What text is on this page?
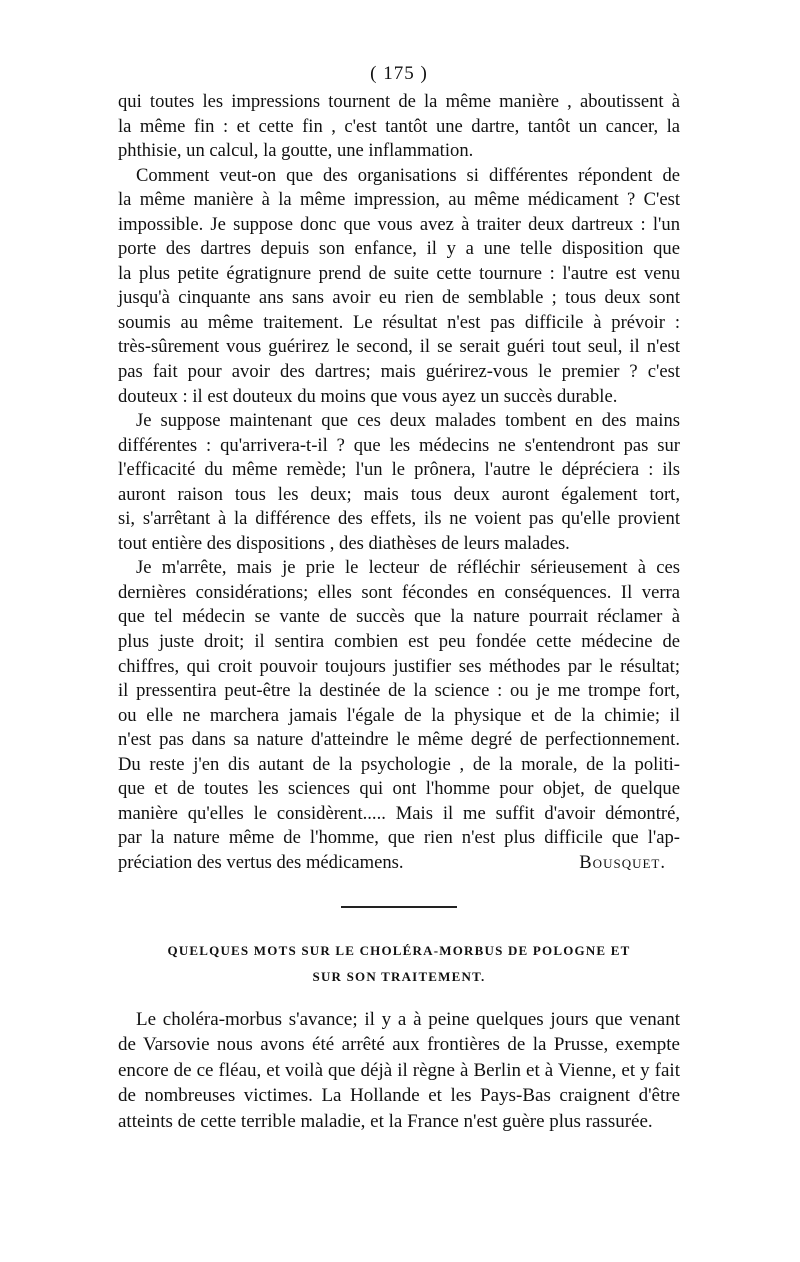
( 175 )

qui toutes les impressions tournent de la même manière , aboutissent à
la même fin : et cette fin , c'est tantôt une dartre, tantôt un cancer, la
phthisie, un calcul, la goutte, une inflammation.

Comment veut-on que des organisations si différentes répondent de
la même manière à la même impression, au même médicament ? C'est
impossible. Je suppose donc que vous avez à traiter deux dartreux : l'un
porte des dartres depuis son enfance, il y a une telle disposition que
la plus petite égratignure prend de suite cette tournure : l'autre est venu
jusqu'à cinquante ans sans avoir eu rien de semblable ; tous deux sont
soumis au même traitement. Le résultat n'est pas difficile à prévoir :
très-sûrement vous guérirez le second, il se serait guéri tout seul, il n'est
pas fait pour avoir des dartres; mais guérirez-vous le premier ? c'est
douteux : il est douteux du moins que vous ayez un succès durable.

Je suppose maintenant que ces deux malades tombent en des mains
différentes : qu'arrivera-t-il ? que les médecins ne s'entendront pas sur
l'efficacité du même remède; l'un le prônera, l'autre le dépréciera : ils
auront raison tous les deux; mais tous deux auront également tort,
si, s'arrêtant à la différence des effets, ils ne voient pas qu'elle provient
tout entière des dispositions , des diathèses de leurs malades.

Je m'arrête, mais je prie le lecteur de réfléchir sérieusement à ces
dernières considérations; elles sont fécondes en conséquences. Il verra
que tel médecin se vante de succès que la nature pourrait réclamer à
plus juste droit; il sentira combien est peu fondée cette médecine de
chiffres, qui croit pouvoir toujours justifier ses méthodes par le résultat;
il pressentira peut-être la destinée de la science : ou je me trompe fort,
ou elle ne marchera jamais l'égale de la physique et de la chimie; il
n'est pas dans sa nature d'atteindre le même degré de perfectionnement.
Du reste j'en dis autant de la psychologie , de la morale, de la politi-
que et de toutes les sciences qui ont l'homme pour objet, de quelque
manière qu'elles le considèrent..... Mais il me suffit d'avoir démontré,
par la nature même de l'homme, que rien n'est plus difficile que l'ap-
préciation des vertus des médicamens.	Bousquet.

QUELQUES MOTS SUR LE CHOLÉRA-MORBUS DE POLOGNE ET
SUR SON TRAITEMENT.

Le choléra-morbus s'avance; il y a à peine quelques jours que venant
de Varsovie nous avons été arrêté aux frontières de la Prusse, exempte
encore de ce fléau, et voilà que déjà il règne à Berlin et à Vienne, et y fait
de nombreuses victimes. La Hollande et les Pays-Bas craignent d'être
atteints de cette terrible maladie, et la France n'est guère plus rassurée.
